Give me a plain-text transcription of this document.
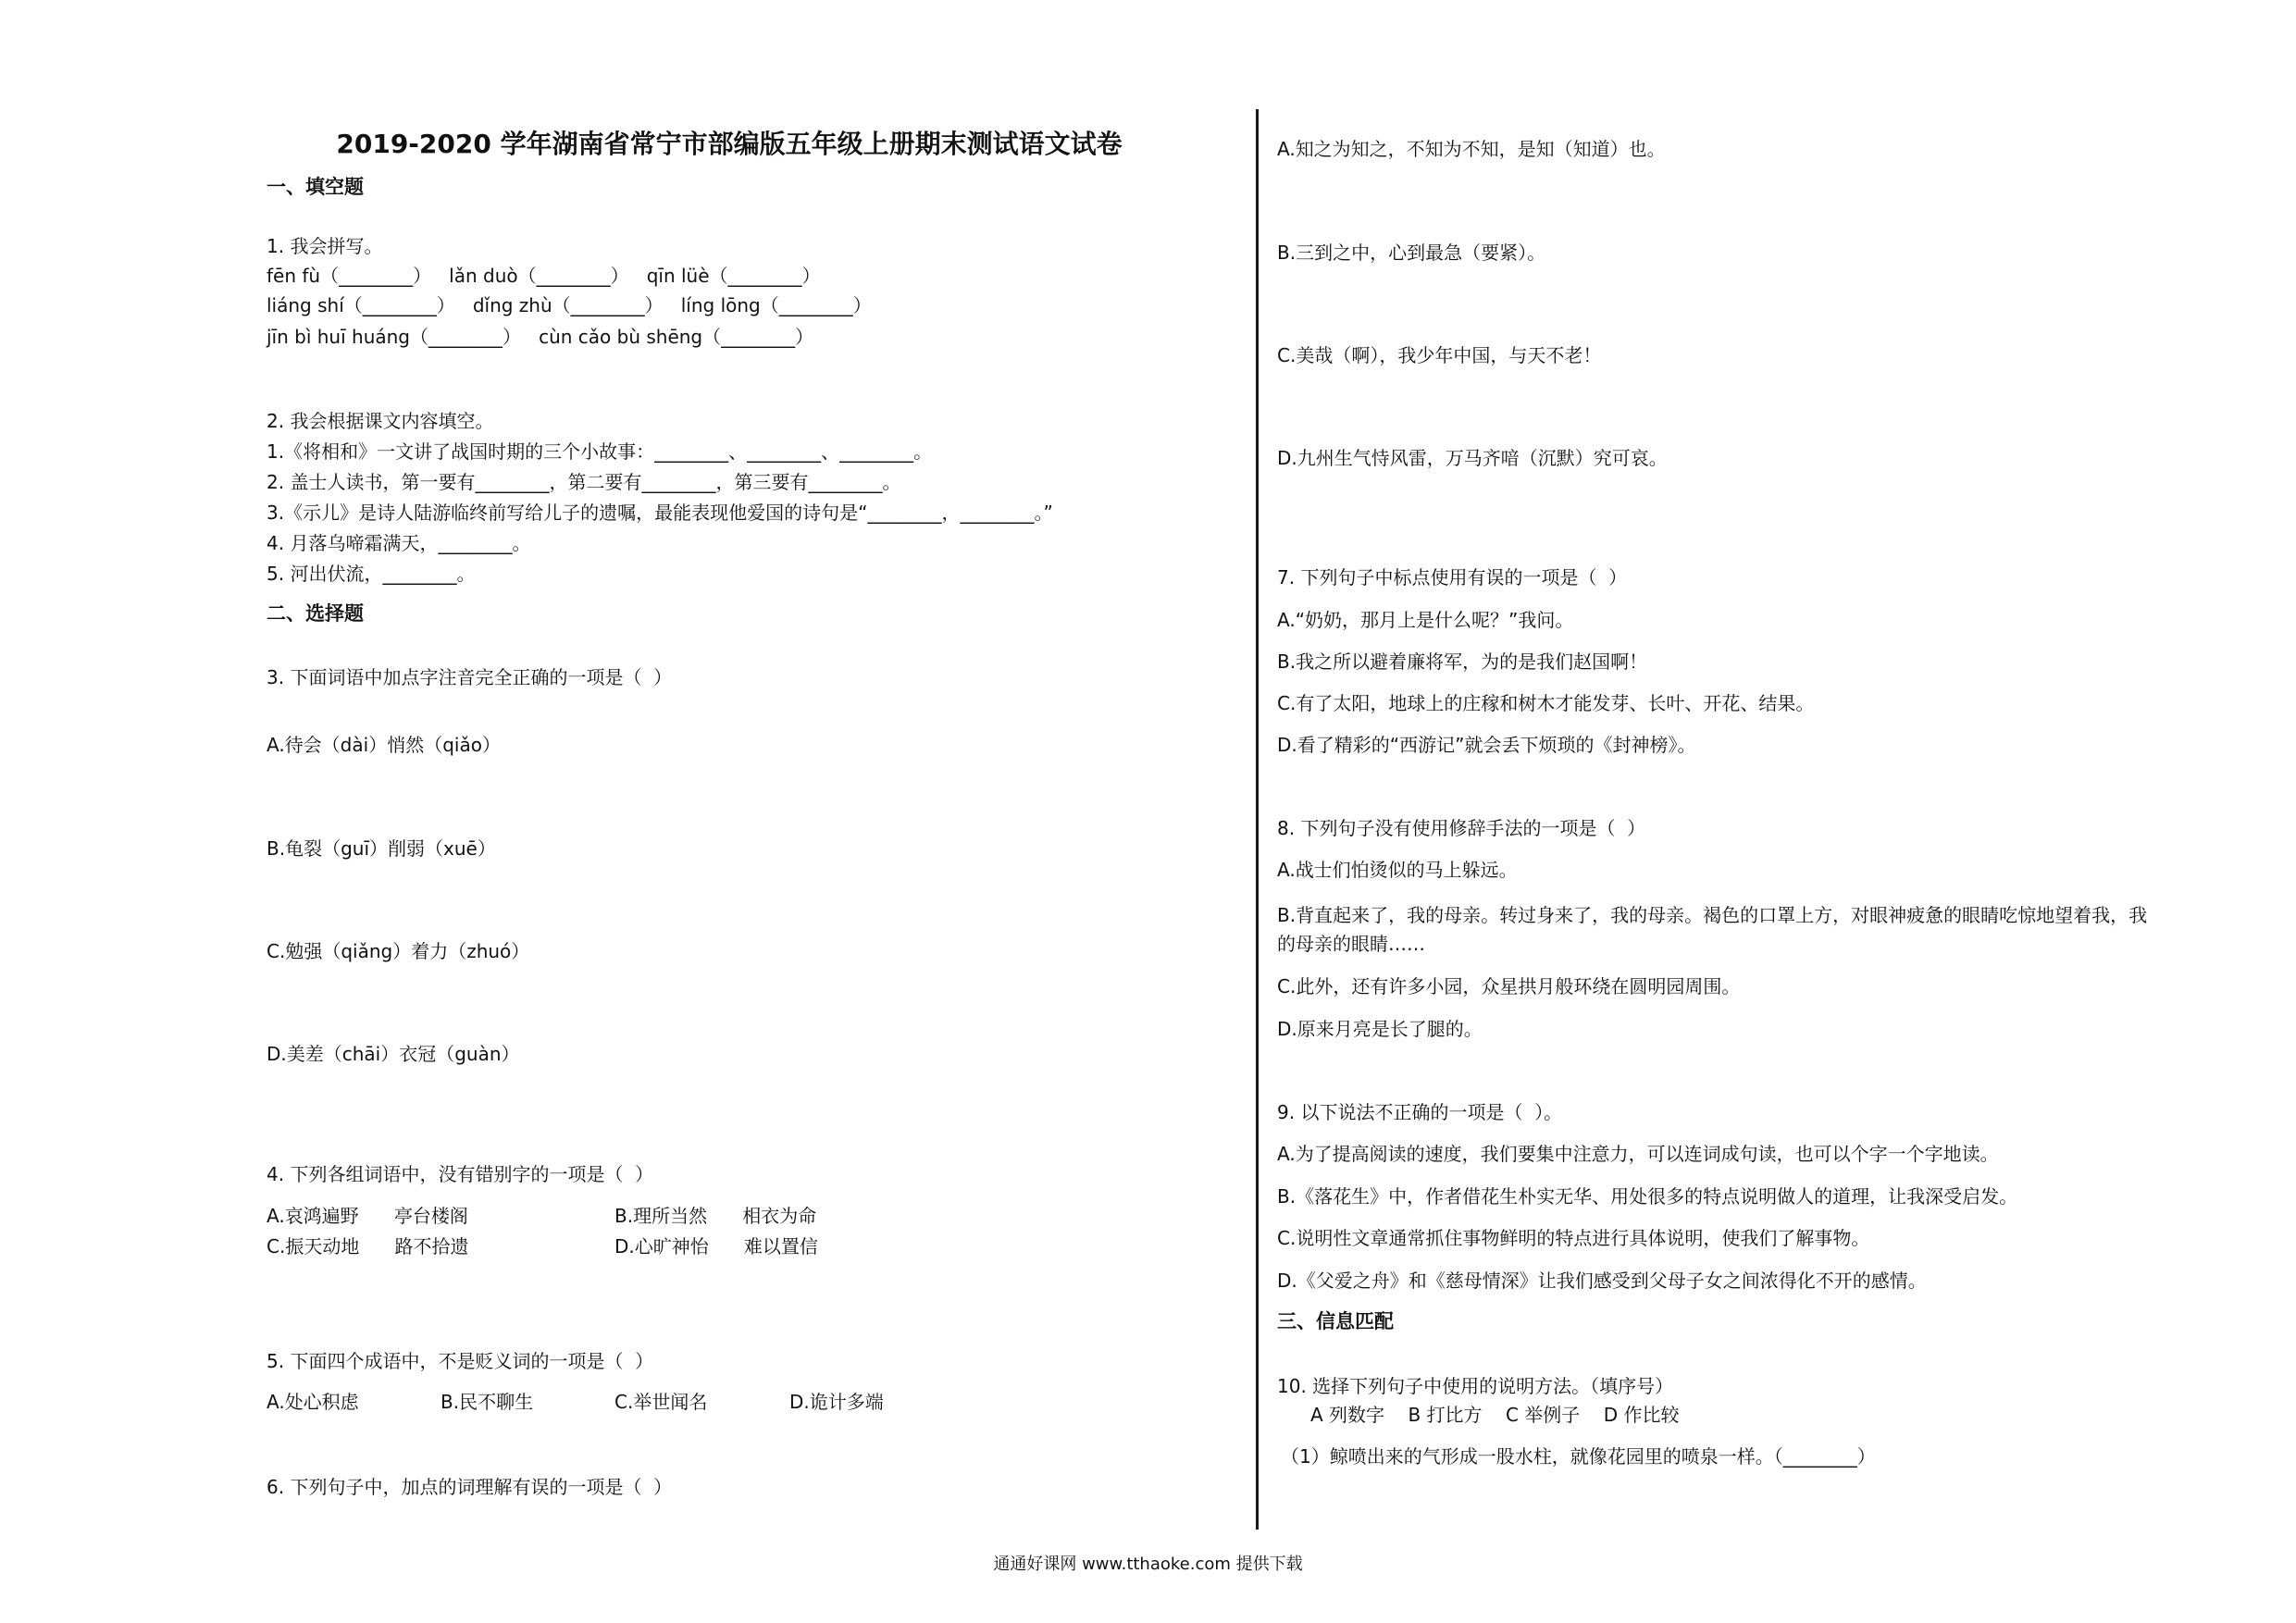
2019-2020 学年湖南省常宁市部编版五年级上册期末测试语文试卷
一、填空题
1. 我会拼写。
fēn fù（________）   lǎn duò（________）   qīn lüè（________）
liáng shí（________）   dǐng zhù（________）   líng lōng（________）
jīn bì huī huáng（________）   cùn cǎo bù shēng（________）
2. 我会根据课文内容填空。
1.《将相和》一文讲了战国时期的三个小故事：________、________、________。
2. 盖士人读书，第一要有________，第二要有________，第三要有________。
3.《示儿》是诗人陆游临终前写给儿子的遗嘱，最能表现他爱国的诗句是“________，________。”
4. 月落乌啼霜满天，________。
5. 河出伏流，________。
二、选择题
3. 下面词语中加点字注音完全正确的一项是（  ）
A.待会（dài）悄然（qiǎo）
B.龟裂（guī）削弱（xuē）
C.勉强（qiǎng）着力（zhuó）
D.美差（chāi）衣冠（guàn）
4. 下列各组词语中，没有错别字的一项是（  ）
A.哀鸿遍野      亭台楼阁	B.理所当然      相衣为命
C.振天动地      路不拾遗	D.心旷神怡      难以置信
5. 下面四个成语中，不是贬义词的一项是（  ）
A.处心积虑	B.民不聊生	C.举世闻名	D.诡计多端
6. 下列句子中，加点的词理解有误的一项是（  ）
A.知之为知之，不知为不知，是知（知道）也。
B.三到之中，心到最急（要紧）。
C.美哉（啊），我少年中国，与天不老！
D.九州生气恃风雷，万马齐喑（沉默）究可哀。
7. 下列句子中标点使用有误的一项是（  ）
A.“奶奶，那月上是什么呢？”我问。
B.我之所以避着廉将军，为的是我们赵国啊！
C.有了太阳，地球上的庄稼和树木才能发芽、长叶、开花、结果。
D.看了精彩的“西游记”就会丢下烦琐的《封神榜》。
8. 下列句子没有使用修辞手法的一项是（  ）
A.战士们怕烫似的马上躲远。
B.背直起来了，我的母亲。转过身来了，我的母亲。褐色的口罩上方，对眼神疲惫的眼睛吃惊地望着我，我
的母亲的眼睛……
C.此外，还有许多小园，众星拱月般环绕在圆明园周围。
D.原来月亮是长了腿的。
9. 以下说法不正确的一项是（  ）。
A.为了提高阅读的速度，我们要集中注意力，可以连词成句读，也可以个字一个字地读。
B.《落花生》中，作者借花生朴实无华、用处很多的特点说明做人的道理，让我深受启发。
C.说明性文章通常抓住事物鲜明的特点进行具体说明，使我们了解事物。
D.《父爱之舟》和《慈母情深》让我们感受到父母子女之间浓得化不开的感情。
三、信息匹配
10. 选择下列句子中使用的说明方法。（填序号）
A 列数字    B 打比方    C 举例子    D 作比较
（1）鲸喷出来的气形成一股水柱，就像花园里的喷泉一样。（________）
通通好课网 www.tthaoke.com 提供下载
